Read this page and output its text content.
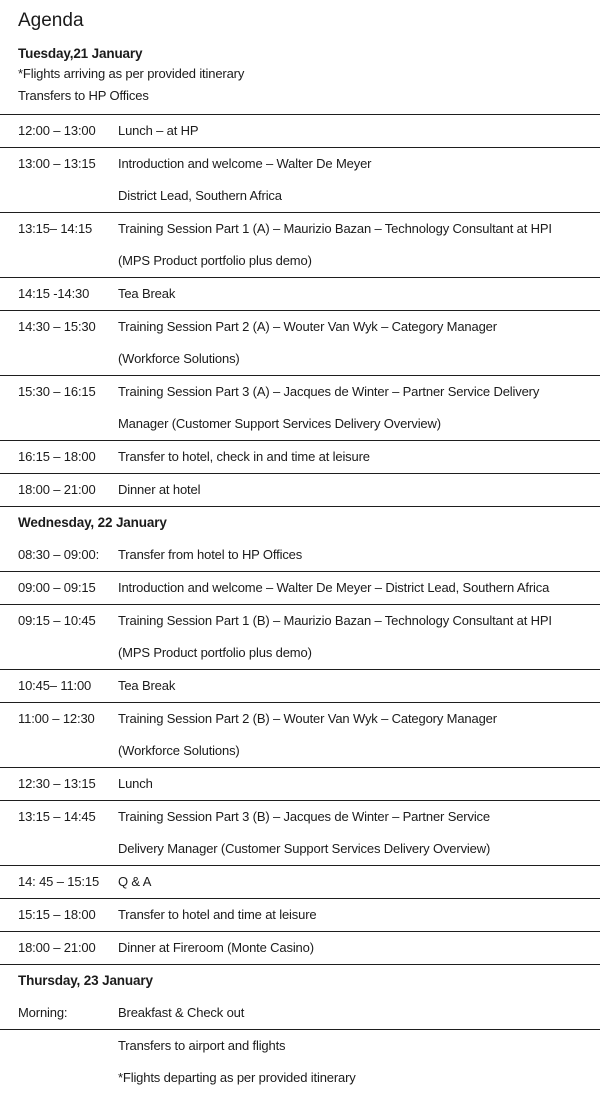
Agenda
Tuesday,21 January
*Flights arriving as per provided itinerary
Transfers to HP Offices
12:00 – 13:00	Lunch – at HP
13:00 – 13:15	Introduction and welcome – Walter De Meyer
District Lead, Southern Africa
13:15– 14:15	Training Session Part 1 (A) – Maurizio Bazan – Technology Consultant at HPI
(MPS Product portfolio plus demo)
14:15 -14:30	Tea Break
14:30 – 15:30	Training Session Part 2 (A) – Wouter Van Wyk – Category Manager
(Workforce Solutions)
15:30 – 16:15	Training Session Part 3 (A) – Jacques de Winter – Partner Service Delivery
Manager (Customer Support Services Delivery Overview)
16:15 – 18:00	Transfer to hotel, check in and time at leisure
18:00 – 21:00	Dinner at hotel
Wednesday, 22 January
08:30 – 09:00:	Transfer from hotel to HP Offices
09:00 – 09:15	Introduction and welcome – Walter De Meyer – District Lead, Southern Africa
09:15 – 10:45	Training Session Part 1 (B) – Maurizio Bazan – Technology Consultant at HPI
(MPS Product portfolio plus demo)
10:45– 11:00	Tea Break
11:00 – 12:30	Training Session Part 2 (B) – Wouter Van Wyk – Category Manager
(Workforce Solutions)
12:30 – 13:15	Lunch
13:15 – 14:45	Training Session Part 3 (B) – Jacques de Winter – Partner Service
Delivery Manager (Customer Support Services Delivery Overview)
14: 45 – 15:15	Q & A
15:15 – 18:00	Transfer to hotel and time at leisure
18:00 – 21:00	Dinner at Fireroom (Monte Casino)
Thursday, 23 January
Morning:	Breakfast & Check out
Transfers to airport and flights
*Flights departing as per provided itinerary
